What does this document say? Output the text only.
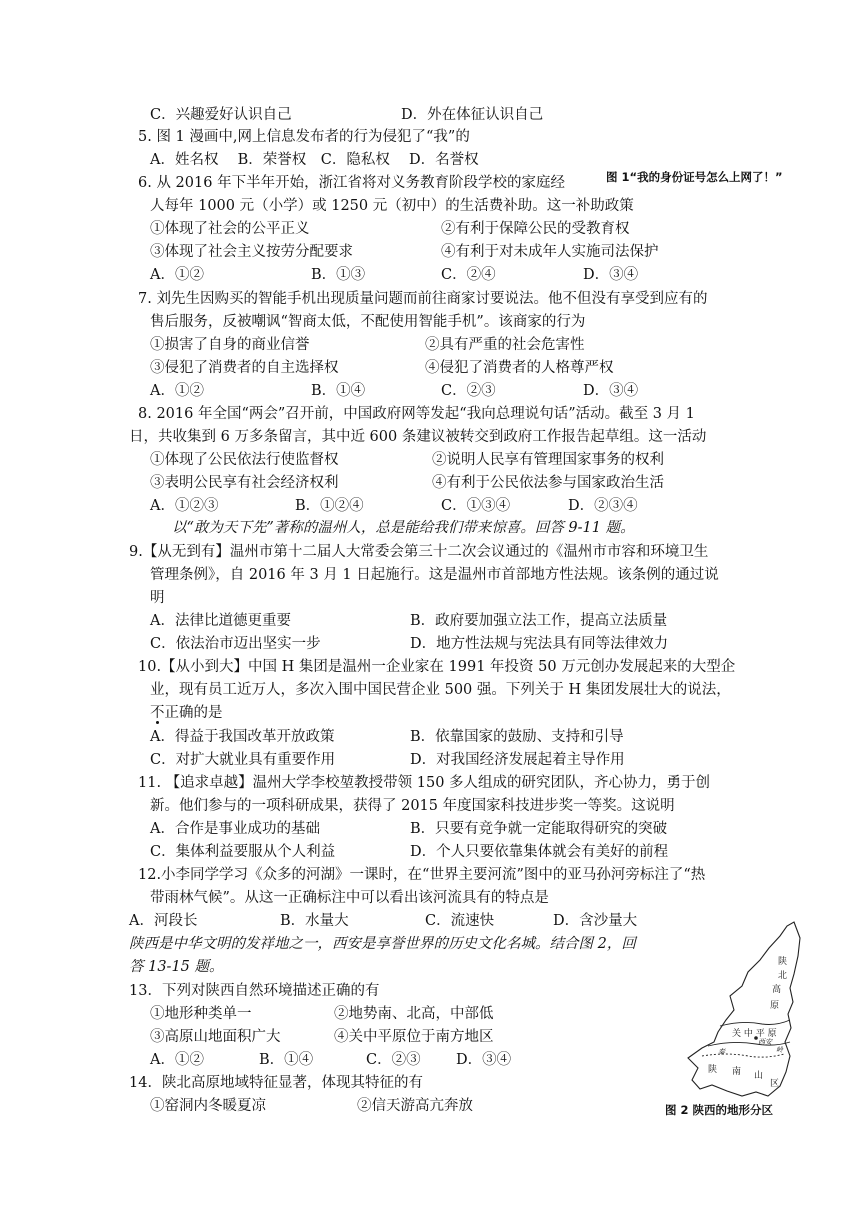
C．兴趣爱好认识自己	D．外在体征认识自己
5. 图 1 漫画中,网上信息发布者的行为侵犯了“我”的
A．姓名权　 B．荣誉权　C．隐私权　 D．名誉权
6. 从 2016 年下半年开始，浙江省将对义务教育阶段学校的家庭经
人每年 1000 元（小学）或 1250 元（初中）的生活费补助。这一补助政策
①体现了社会的公平正义	②有利于保障公民的受教育权
③体现了社会主义按劳分配要求	④有利于对未成年人实施司法保护
A．①②	B．①③	C．②④	D．③④
7. 刘先生因购买的智能手机出现质量问题而前往商家讨要说法。他不但没有享受到应有的
售后服务，反被嘲讽“智商太低，不配使用智能手机”。该商家的行为
①损害了自身的商业信誉	②具有严重的社会危害性
③侵犯了消费者的自主选择权	④侵犯了消费者的人格尊严权
A．①②	B．①④	C．②③	D．③④
8. 2016 年全国“两会”召开前，中国政府网等发起“我向总理说句话”活动。截至 3 月 1
日，共收集到 6 万多条留言，其中近 600 条建议被转交到政府工作报告起草组。这一活动
①体现了公民依法行使监督权	②说明人民享有管理国家事务的权利
③表明公民享有社会经济权利	④有利于公民依法参与国家政治生活
A．①②③	B．①②④	C．①③④	D．②③④
以“敢为天下先”著称的温州人，总是能给我们带来惊喜。回答 9-11 题。
9.【从无到有】温州市第十二届人大常委会第三十二次会议通过的《温州市市容和环境卫生
管理条例》，自 2016 年 3 月 1 日起施行。这是温州市首部地方性法规。该条例的通过说
明
A．法律比道德更重要	B．政府要加强立法工作，提高立法质量
C．依法治市迈出坚实一步	D．地方性法规与宪法具有同等法律效力
10.【从小到大】中国 H 集团是温州一企业家在 1991 年投资 50 万元创办发展起来的大型企
业，现有员工近万人，多次入围中国民营企业 500 强。下列关于 H 集团发展壮大的说法，
不正确的是
A．得益于我国改革开放政策	B．依靠国家的鼓励、支持和引导
C．对扩大就业具有重要作用	D．对我国经济发展起着主导作用
11. 【追求卓越】温州大学李校堃教授带领 150 多人组成的研究团队，齐心协力，勇于创
新。他们参与的一项科研成果，获得了 2015 年度国家科技进步奖一等奖。这说明
A．合作是事业成功的基础	B．只要有竞争就一定能取得研究的突破
C．集体利益要服从个人利益	D．个人只要依靠集体就会有美好的前程
12.小李同学学习《众多的河湖》一课时，在“世界主要河流”图中的亚马孙河旁标注了“热
带雨林气候”。从这一正确标注中可以看出该河流具有的特点是
A．河段长	B．水量大	C．流速快	D．含沙量大
陕西是中华文明的发祥地之一，西安是享誉世界的历史文化名城。结合图 2，回
答 13-15 题。
13．下列对陕西自然环境描述正确的有
①地形种类单一	②地势南、北高，中部低
③高原山地面积广大	④关中平原位于南方地区
A．①②	B．①④	C．②③ D．③④
14．陕北高原地域特征显著，体现其特征的有
①窑洞内冬暖夏凉	②信天游高亢奔放
图 1“我的身份证号怎么上网了！”
图 2 陕西的地形分区
陕
北
高
原
关 中 平 原
西安
秦	岭
陕 南 山
区
